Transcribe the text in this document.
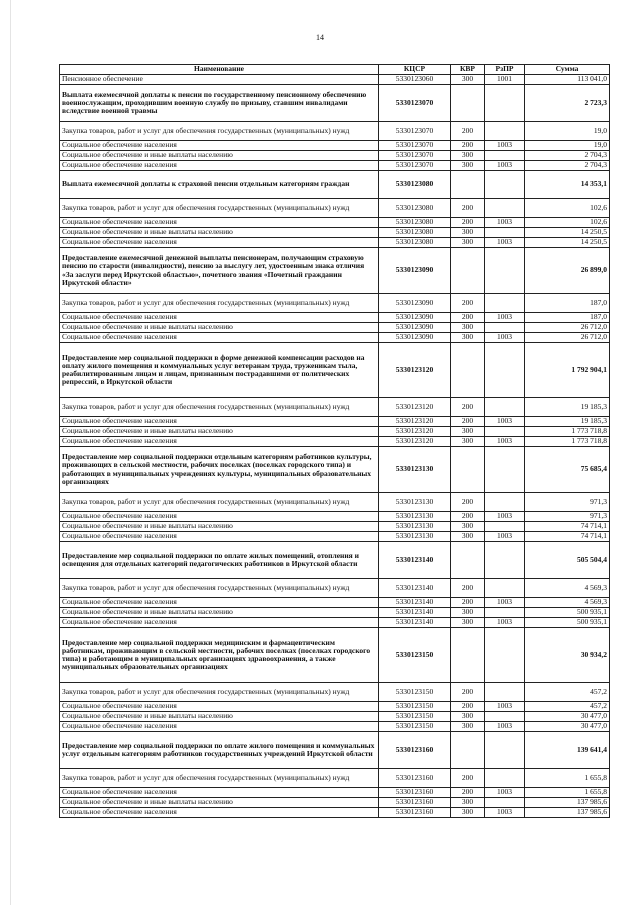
14
Наименование	КЦСР	КВР	РзПР	Сумма
Пенсионное обеспечение	5330123060	300	1001	113 041,0
Выплата ежемесячной доплаты к пенсии по государственному пенсионному обеспечению военнослужащим, проходившим военную службу по призыву, ставшим инвалидами вследствие военной травмы	5330123070			2 723,3
Закупка товаров, работ и услуг для обеспечения государственных (муниципальных) нужд	5330123070	200		19,0
Социальное обеспечение населения	5330123070	200	1003	19,0
Социальное обеспечение и иные выплаты населению	5330123070	300		2 704,3
Социальное обеспечение населения	5330123070	300	1003	2 704,3
Выплата ежемесячной доплаты к страховой пенсии отдельным категориям граждан	5330123080			14 353,1
Закупка товаров, работ и услуг для обеспечения государственных (муниципальных) нужд	5330123080	200		102,6
Социальное обеспечение населения	5330123080	200	1003	102,6
Социальное обеспечение и иные выплаты населению	5330123080	300		14 250,5
Социальное обеспечение населения	5330123080	300	1003	14 250,5
Предоставление ежемесячной денежной выплаты пенсионерам, получающим страховую пенсию по старости (инвалидности), пенсию за выслугу лет, удостоенным знака отличия «За заслуги перед Иркутской областью», почетного звания «Почетный гражданин Иркутской области»	5330123090			26 899,0
Закупка товаров, работ и услуг для обеспечения государственных (муниципальных) нужд	5330123090	200		187,0
Социальное обеспечение населения	5330123090	200	1003	187,0
Социальное обеспечение и иные выплаты населению	5330123090	300		26 712,0
Социальное обеспечение населения	5330123090	300	1003	26 712,0
Предоставление мер социальной поддержки в форме денежной компенсации расходов на оплату жилого помещения и коммунальных услуг ветеранам труда, труженикам тыла, реабилитированным лицам и лицам, признанным пострадавшими от политических репрессий, в Иркутской области	5330123120			1 792 904,1
Закупка товаров, работ и услуг для обеспечения государственных (муниципальных) нужд	5330123120	200		19 185,3
Социальное обеспечение населения	5330123120	200	1003	19 185,3
Социальное обеспечение и иные выплаты населению	5330123120	300		1 773 718,8
Социальное обеспечение населения	5330123120	300	1003	1 773 718,8
Предоставление мер социальной поддержки отдельным категориям работников культуры, проживающих в сельской местности, рабочих поселках (поселках городского типа) и работающих в муниципальных учреждениях культуры, муниципальных образовательных организациях	5330123130			75 685,4
Закупка товаров, работ и услуг для обеспечения государственных (муниципальных) нужд	5330123130	200		971,3
Социальное обеспечение населения	5330123130	200	1003	971,3
Социальное обеспечение и иные выплаты населению	5330123130	300		74 714,1
Социальное обеспечение населения	5330123130	300	1003	74 714,1
Предоставление мер социальной поддержки по оплате жилых помещений, отопления и освещения для отдельных категорий педагогических работников в Иркутской области	5330123140			505 504,4
Закупка товаров, работ и услуг для обеспечения государственных (муниципальных) нужд	5330123140	200		4 569,3
Социальное обеспечение населения	5330123140	200	1003	4 569,3
Социальное обеспечение и иные выплаты населению	5330123140	300		500 935,1
Социальное обеспечение населения	5330123140	300	1003	500 935,1
Предоставление мер социальной поддержки медицинским и фармацевтическим работникам, проживающим в сельской местности, рабочих поселках (поселках городского типа) и работающим в муниципальных организациях здравоохранения, а также муниципальных образовательных организациях	5330123150			30 934,2
Закупка товаров, работ и услуг для обеспечения государственных (муниципальных) нужд	5330123150	200		457,2
Социальное обеспечение населения	5330123150	200	1003	457,2
Социальное обеспечение и иные выплаты населению	5330123150	300		30 477,0
Социальное обеспечение населения	5330123150	300	1003	30 477,0
Предоставление мер социальной поддержки по оплате жилого помещения и коммунальных услуг отдельным категориям работников государственных учреждений Иркутской области	5330123160			139 641,4
Закупка товаров, работ и услуг для обеспечения государственных (муниципальных) нужд	5330123160	200		1 655,8
Социальное обеспечение населения	5330123160	200	1003	1 655,8
Социальное обеспечение и иные выплаты населению	5330123160	300		137 985,6
Социальное обеспечение населения	5330123160	300	1003	137 985,6
